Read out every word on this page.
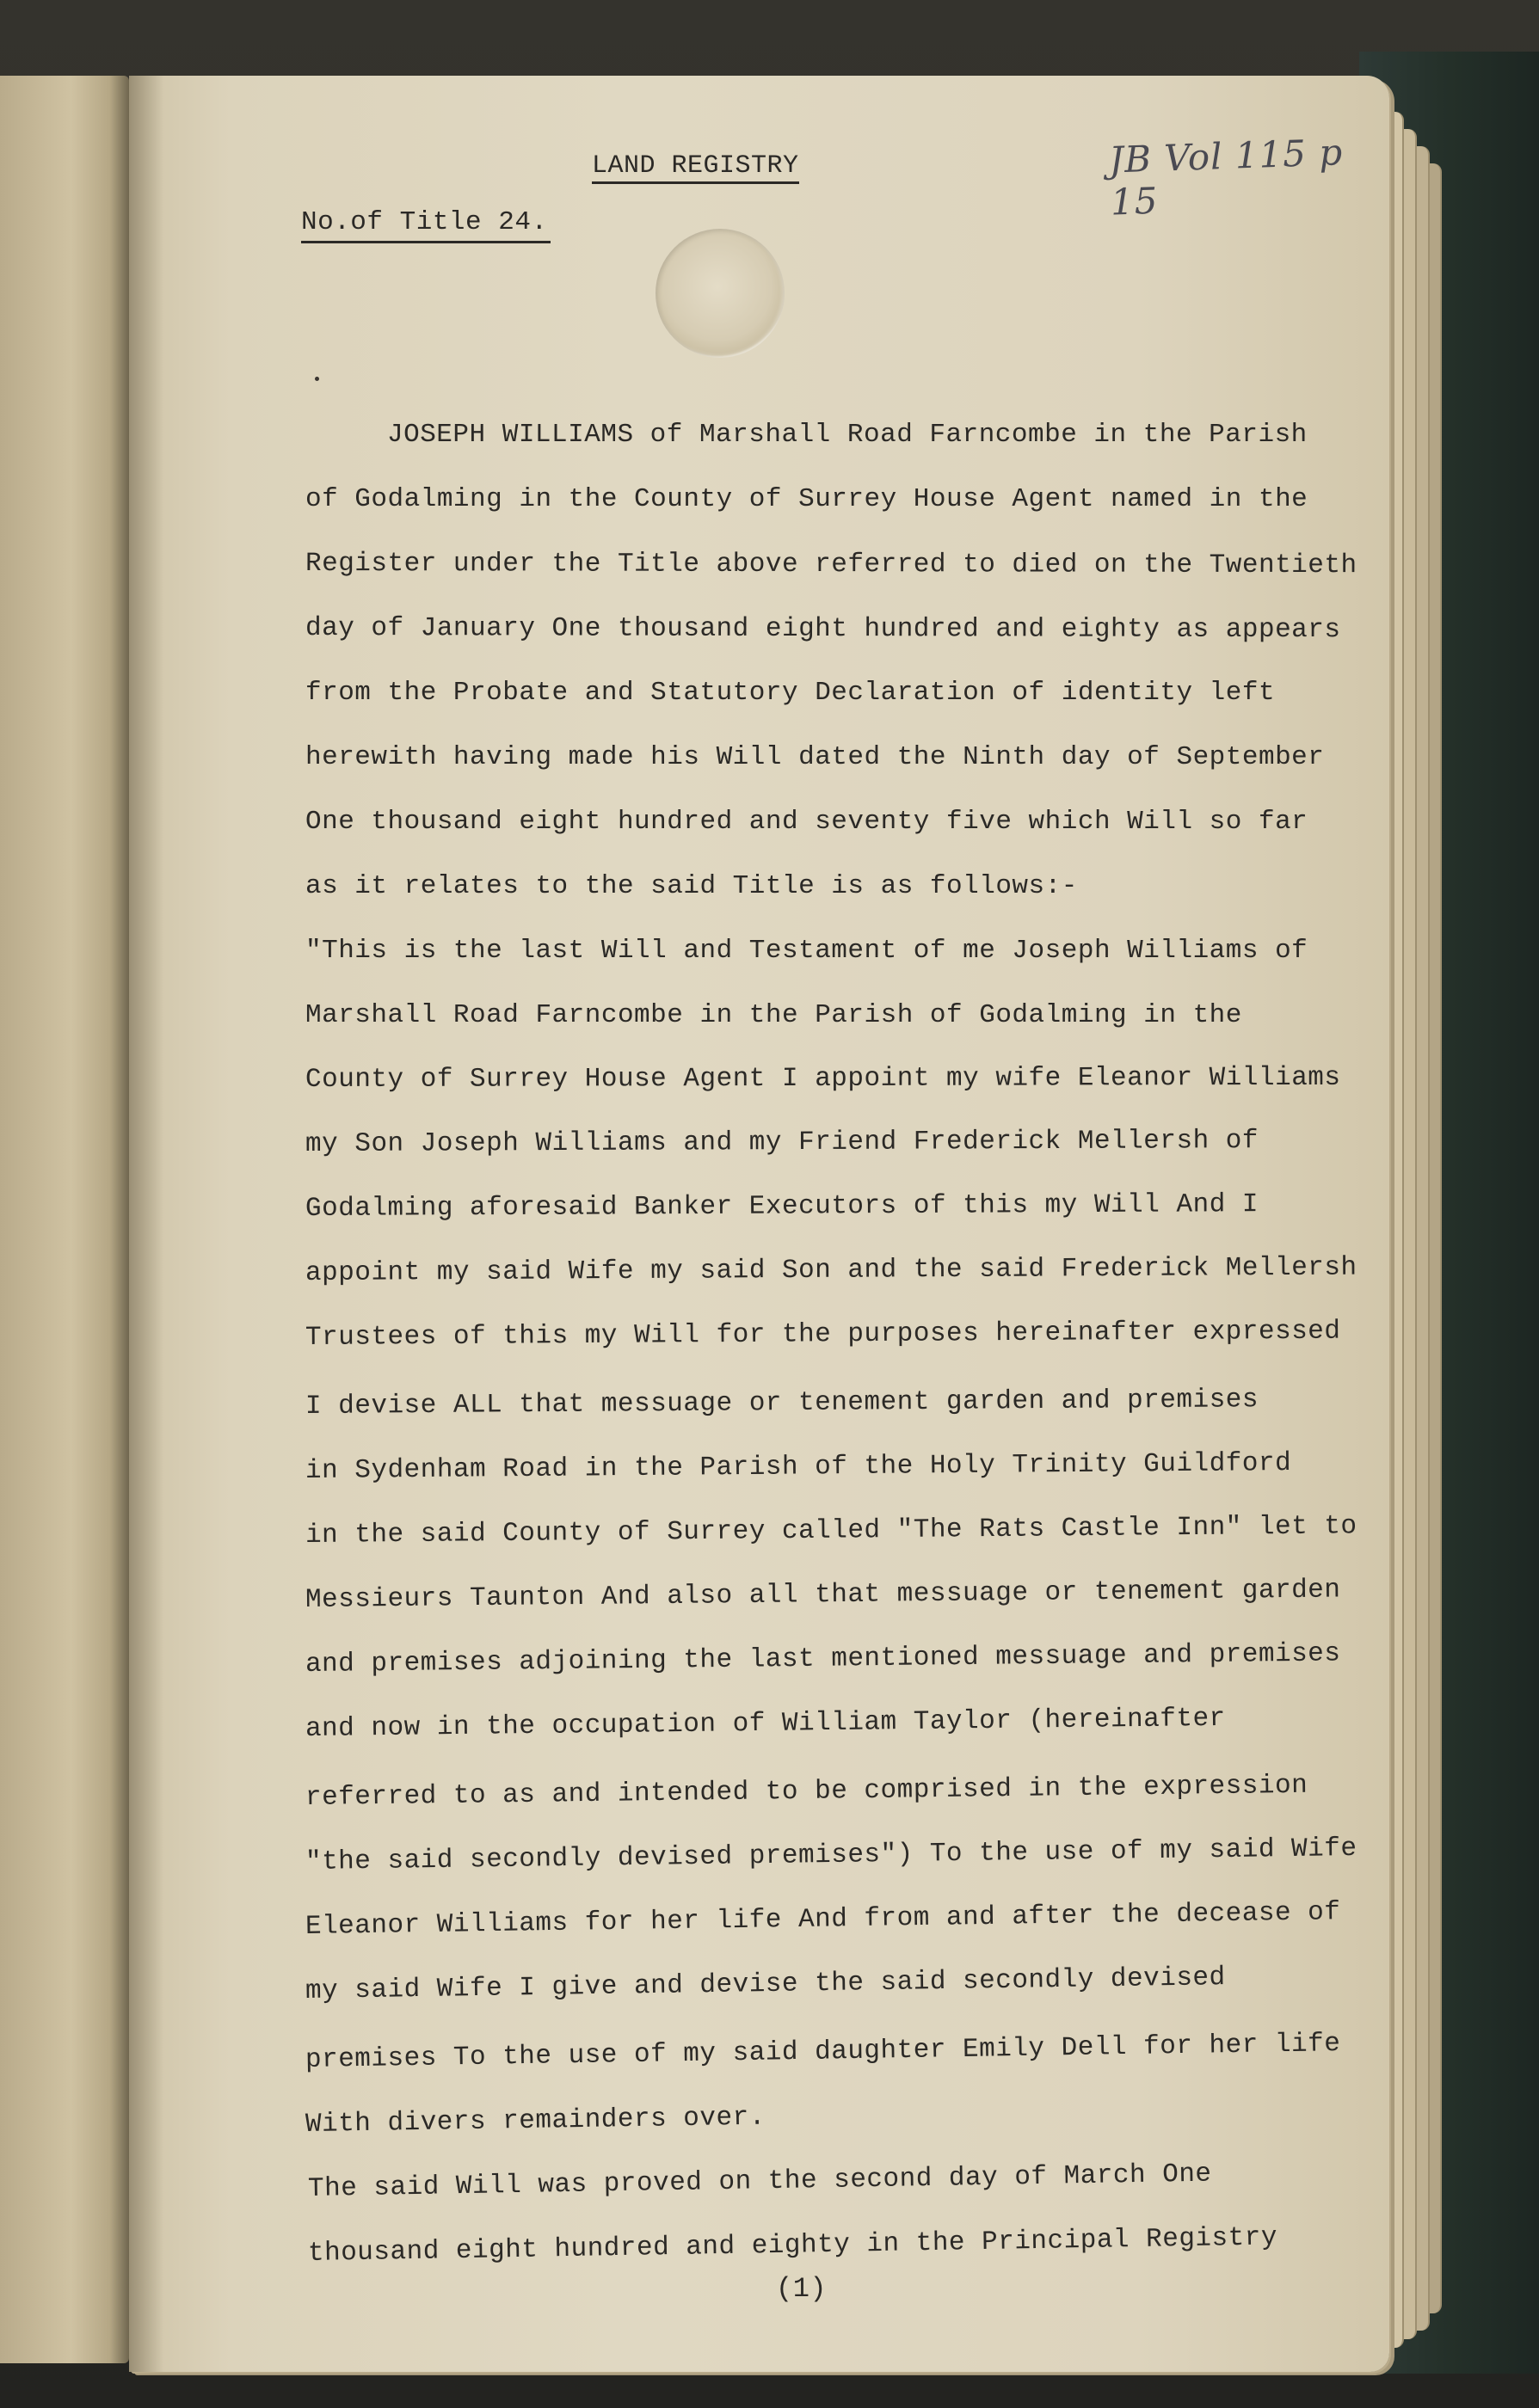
LAND REGISTRY	JB Vol 115 p 15
No.of Title 24.
JOSEPH WILLIAMS of Marshall Road Farncombe in the Parish
of Godalming in the County of Surrey House Agent named in the
Register under the Title above referred to died on the Twentieth
day of January One thousand eight hundred and eighty as appears
from the Probate and Statutory Declaration of identity left
herewith having made his Will dated the Ninth day of September
One thousand eight hundred and seventy five which Will so far
as it relates to the said Title is as follows:-
"This is the last Will and Testament of me Joseph Williams of
Marshall Road Farncombe in the Parish of Godalming in the
County of Surrey House Agent I appoint my wife Eleanor Williams
my Son Joseph Williams and my Friend Frederick Mellersh of
Godalming aforesaid Banker Executors of this my Will And I
appoint my said Wife my said Son and the said Frederick Mellersh
Trustees of this my Will for the purposes hereinafter expressed
I devise ALL that messuage or tenement garden and premises
in Sydenham Road in the Parish of the Holy Trinity Guildford
in the said County of Surrey called "The Rats Castle Inn" let to
Messieurs Taunton And also all that messuage or tenement garden
and premises adjoining the last mentioned messuage and premises
and now in the occupation of William Taylor (hereinafter
referred to as and intended to be comprised in the expression
"the said secondly devised premises") To the use of my said Wife
Eleanor Williams for her life And from and after the decease of
my said Wife I give and devise the said secondly devised
premises To the use of my said daughter Emily Dell for her life
With divers remainders over.
The said Will was proved on the second day of March One
thousand eight hundred and eighty in the Principal Registry
(1)
